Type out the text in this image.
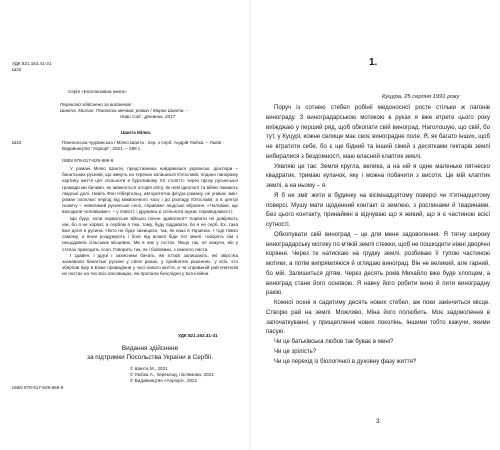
УДК 821.163.41-31
Ш22
Серія «Ексклюзивна книга»
Переклад здійснено за виданням:
Шанта, Миљко. Панонска мечавa: роман / Мирко Шанта. –
Нови Сад : Дневник, 2017
Шанта Мілко.
Ш22	Паннонська чудовиська / Мілко Шанта ; пер. з серб. Андрій Любка. – Львів : Видавництво "Апріорі", 2021. – 288 с.
ISBN 978-617-629-666-9

У романі Мілко Шанти, представника найдавнішої українськ. діаспори – банатських русинів, що живуть на теренах колишньої Югославії, подано панораму картину життя цієї спільноти в бурхливому ХХ столітті: через прозу русинської громади ми бачимо, як змінюється історія світу, як нові ідеології та війни ламають людські долі. Навіть Фон Нібергольц, авторитетна фігура роману, не уникає змін: роман охоплює період від міжвоєнного часу і до розпаду Югославії, а в центрі сюжету – невеликий русинське село, справжнє людське вбрання. «Чоловіки, ще виходили чоловіками», – у повісті, і дружина зі спільноти шукає справедливості.

Що буде, коли хорватське військо почне здаватися? Хорвати не довіряють ніж, бо я не хорват, а сербом я теж, тому, буду піддавати, бо я не серб. Ех, така вже доля в русина. Ніхто не буде захищати, так, як наші в Українах. І тоді тяжко самому, а вони роздумують і бокс від всякої біди тієї землі, говорять сім з нещодавніх сільських місцевих. Ми в них у гостях. Якщо так, не кажучи, він у степах приходить ссал. Говорить так, як і бойовики, з кожного листа.

І здавен, і друзі і захисники бачать, які історії залишають, які звірства зазнавали банатські русини у своїх ранах, у прийнятих рішеннях, у всіх, хто зберігав віру в Боже провидіння у часі нового життя, а чи справжній рай вчителів не постає на тих всіх пасовищах, які пропали безслідно у вогні війни.

УДК 821.163.41-31
Видання здійснене
за підтримки Посольства України в Сербії.
© Шанта М., 2021
© Любка А., переклад, післямова, 2021
© Видавництво «Апріорі», 2021
ISBN 978-617-629-666-9
1.
Куцура, 25 серпня 1991 року

Поруч із сотнею стебел робінії медоносної росте стільки ж пагонів винограду. З виноградарською мотикою в руках я вже втрете цього року виїжджаю у перший ряд, щоб обкопати свій виноград. Наголошую, що свій, бо тут, у Куцурі, кожне селище має своє виноградне поле. Я, як багато інших, щоб не втратити себе, бо є ще бідний та інший сімей з десятками гектарів землі вибиралися з бездомності, маю власний клаптик землі.

Уявляю це так: Земля кругла, велика, а на ній я одне маленьке пятнеско квадратик, тримаю кулачок, яку і можна побачити з висоти. Це мій клаптик землі, а на ньому – я.

Я б не зміг жити в будинку на вісімнадцятому поверсі чи п'ятнадцятому поверсі. Мушу мати щоденний контакт із землею, з рослинами й тваринами. Без цього контакту, принаймні в відчуваю що я живий, що я є частиною всієї сутності.

Обкопувати свій виноград – це для мене задоволення. Я тягну широку виноградарську мотику по м'якій землі стежки, щоб не пошкодити ніжні дворічні коріння. Через те натискаю на грудку землі, розбиваю її тупою частиною мотики, а потім випрямляюся й оглядаю виноград. Він не великий, але гарний, бо мій. Залишиться дітям. Через десять років Михайло вже буде хлопцем, а виноград стане його основою. Я навчу його робити вино й пити виноградну ракію.

Кожної осені я садитиму десять нових стебел, аж поки закінчиться місце. Створю рай на землі. Можливо, Міна його полюбить. Моє задоволення в започаткуванні, у прищепленні нових поколінь. Іншими тобто кажучи, якими пасую.

Чи це батьківська любов так буває в мені?

Чи це зрілість?

Чи це перехід із біологічної в духовну фазу життя?

3
